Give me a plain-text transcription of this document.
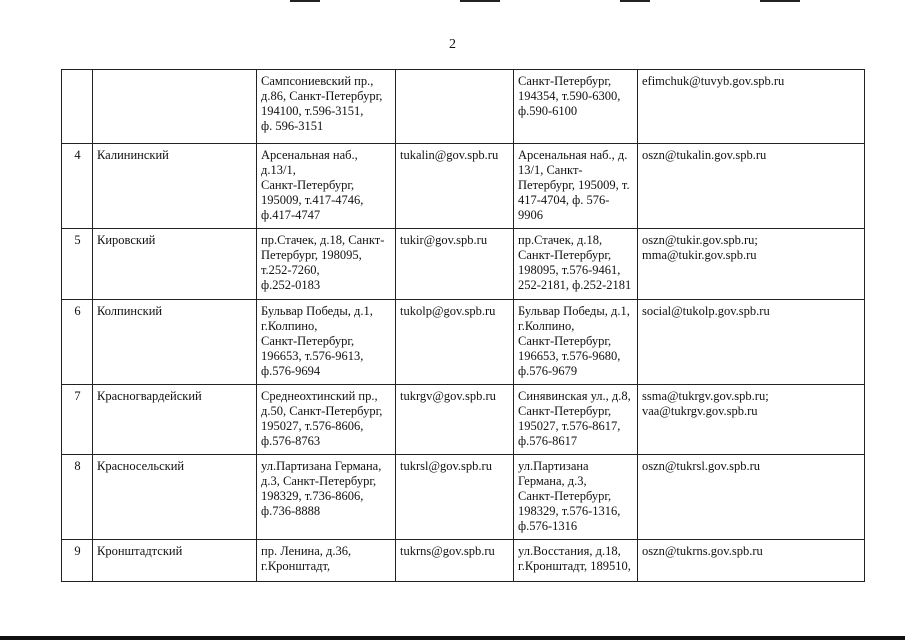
2

		Сампсониевский пр.,
д.86, Санкт-Петербург,
194100, т.596-3151,
ф. 596-3151		Санкт-Петербург,
194354, т.590-6300,
ф.590-6100	efimchuk@tuvyb.gov.spb.ru

4	Калининский	Арсенальная наб.,
д.13/1,
Санкт-Петербург,
195009, т.417-4746,
ф.417-4747	tukalin@gov.spb.ru	Арсенальная наб., д.
13/1, Санкт-
Петербург, 195009, т.
417-4704, ф. 576-9906	oszn@tukalin.gov.spb.ru

5	Кировский	пр.Стачек, д.18, Санкт-
Петербург, 198095,
т.252-7260,
ф.252-0183	tukir@gov.spb.ru	пр.Стачек, д.18,
Санкт-Петербург,
198095, т.576-9461,
252-2181, ф.252-2181	oszn@tukir.gov.spb.ru;
mma@tukir.gov.spb.ru

6	Колпинский	Бульвар Победы, д.1,
г.Колпино,
Санкт-Петербург,
196653, т.576-9613,
ф.576-9694	tukolp@gov.spb.ru	Бульвар Победы, д.1,
г.Колпино,
Санкт-Петербург,
196653, т.576-9680,
ф.576-9679	social@tukolp.gov.spb.ru

7	Красногвардейский	Среднеохтинский пр.,
д.50, Санкт-Петербург,
195027, т.576-8606,
ф.576-8763	tukrgv@gov.spb.ru	Синявинская ул., д.8,
Санкт-Петербург,
195027, т.576-8617,
ф.576-8617	ssma@tukrgv.gov.spb.ru;
vaa@tukrgv.gov.spb.ru

8	Красносельский	ул.Партизана Германа,
д.3, Санкт-Петербург,
198329, т.736-8606,
ф.736-8888	tukrsl@gov.spb.ru	ул.Партизана
Германа, д.3,
Санкт-Петербург,
198329, т.576-1316,
ф.576-1316	oszn@tukrsl.gov.spb.ru

9	Кронштадтский	пр. Ленина, д.36,
г.Кронштадт,	tukrns@gov.spb.ru	ул.Восстания, д.18,
г.Кронштадт, 189510,	oszn@tukrns.gov.spb.ru
